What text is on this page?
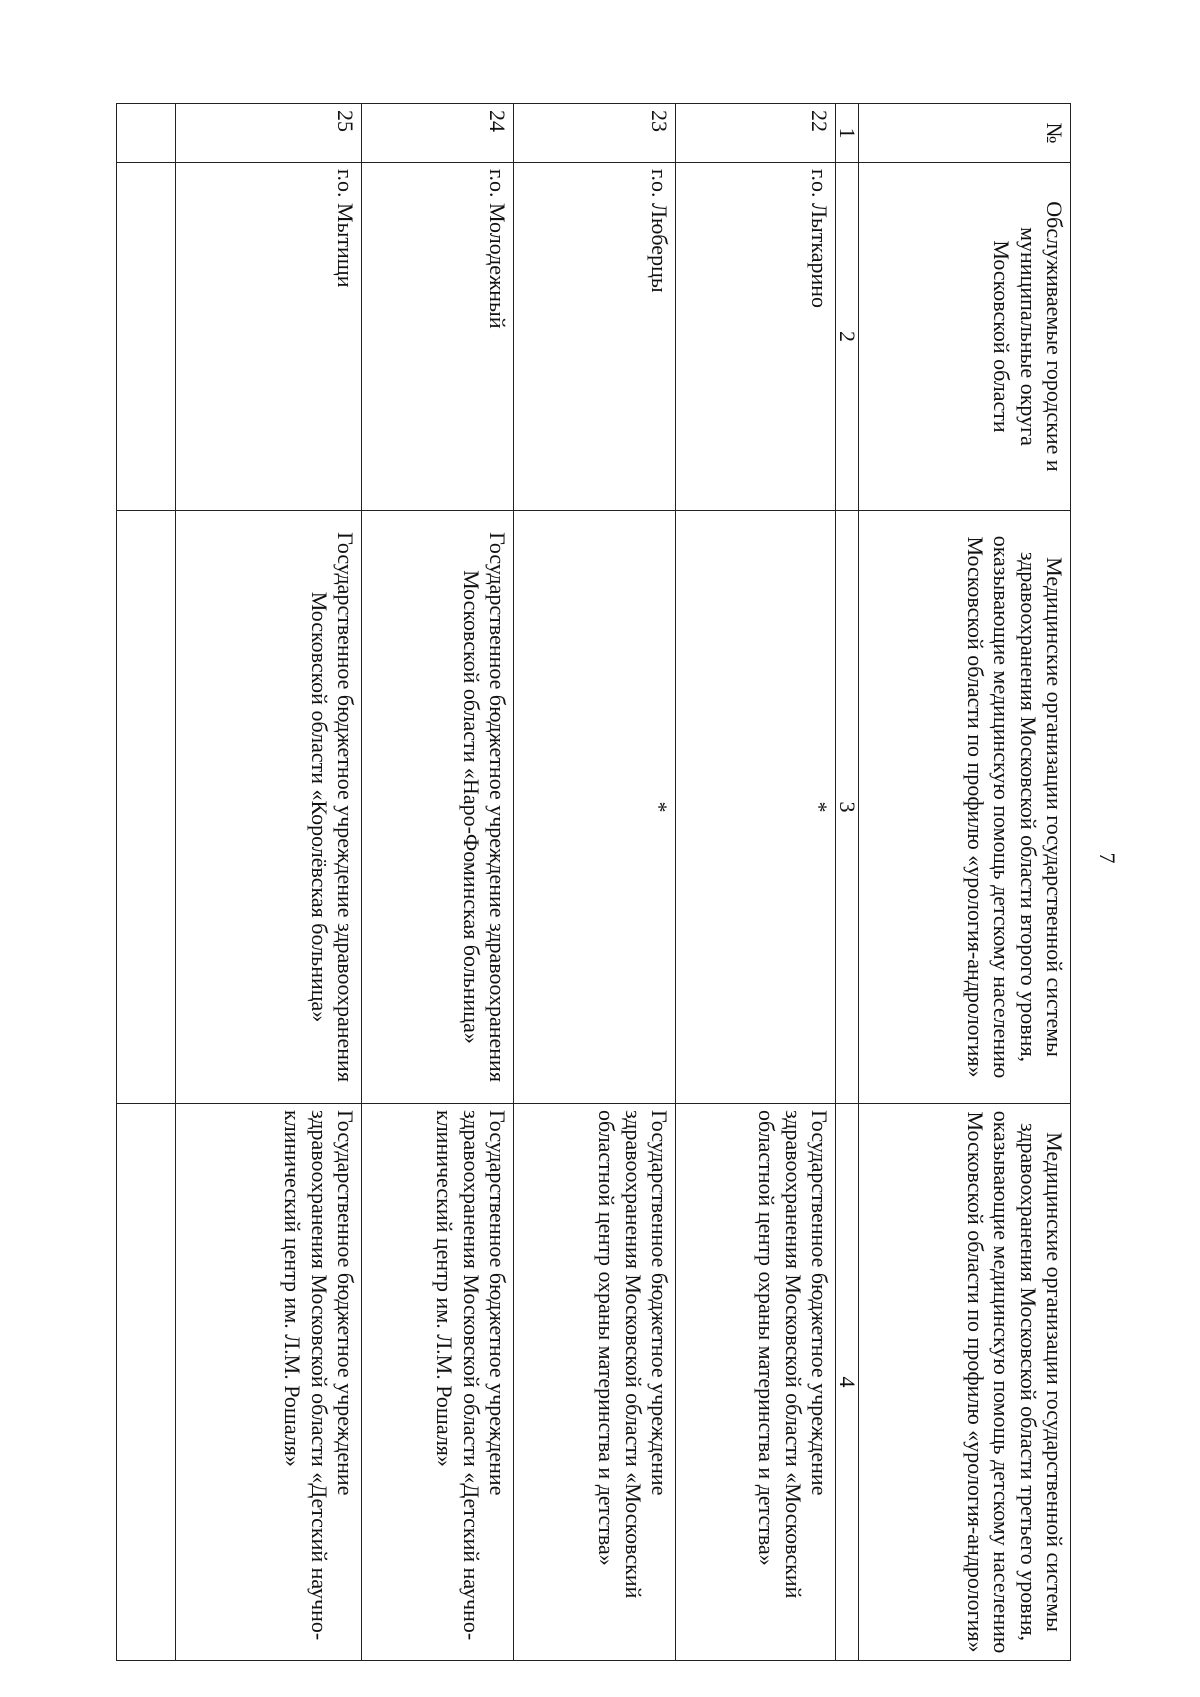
7
№	Обслуживаемые городские и муниципальные округа Московской области	Медицинские организации государственной системы здравоохранения Московской области второго уровня, оказывающие медицинскую помощь детскому населению Московской области по профилю «урология-андрология»	Медицинские организации государственной системы здравоохранения Московской области третьего уровня, оказывающие медицинскую помощь детскому населению Московской области по профилю «урология-андрология»
1	2	3	4
22	г.о. Лыткарино	*	Государственное бюджетное учреждение здравоохранения Московской области «Московский областной центр охраны материнства и детства»
23	г.о. Люберцы	*	Государственное бюджетное учреждение здравоохранения Московской области «Московский областной центр охраны материнства и детства»
24	г.о. Молодежный	Государственное бюджетное учреждение здравоохранения Московской области «Наро-Фоминская больница»	Государственное бюджетное учреждение здравоохранения Московской области «Детский научно-клинический центр им. Л.М. Рошаля»
25	г.о. Мытищи	Государственное бюджетное учреждение здравоохранения Московской области «Королёвская больница»	Государственное бюджетное учреждение здравоохранения Московской области «Детский научно-клинический центр им. Л.М. Рошаля»
